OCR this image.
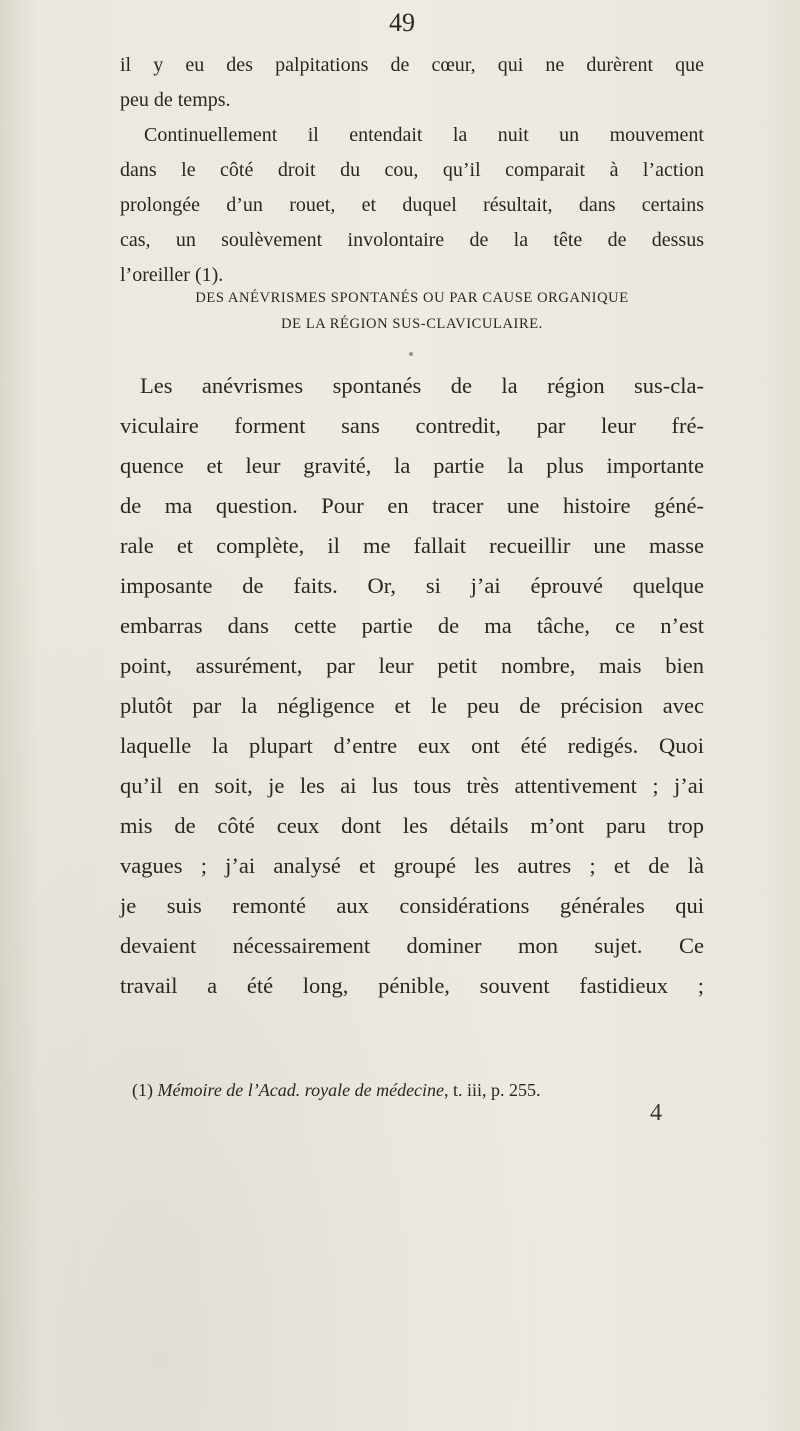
49
il y eu des palpitations de cœur, qui ne durèrent que
peu de temps.
Continuellement il entendait la nuit un mouvement
dans le côté droit du cou, qu’il comparait à l’action
prolongée d’un rouet, et duquel résultait, dans certains
cas, un soulèvement involontaire de la tête de dessus
l’oreiller (1).
DES ANÉVRISMES SPONTANÉS OU PAR CAUSE ORGANIQUE
DE LA RÉGION SUS-CLAVICULAIRE.
Les anévrismes spontanés de la région sus-cla-
viculaire forment sans contredit, par leur fré-
quence et leur gravité, la partie la plus importante
de ma question. Pour en tracer une histoire géné-
rale et complète, il me fallait recueillir une masse
imposante de faits. Or, si j’ai éprouvé quelque
embarras dans cette partie de ma tâche, ce n’est
point, assurément, par leur petit nombre, mais bien
plutôt par la négligence et le peu de précision avec
laquelle la plupart d’entre eux ont été redigés. Quoi
qu’il en soit, je les ai lus tous très attentivement ; j’ai
mis de côté ceux dont les détails m’ont paru trop
vagues ; j’ai analysé et groupé les autres ; et de là
je suis remonté aux considérations générales qui
devaient nécessairement dominer mon sujet. Ce
travail a été long, pénible, souvent fastidieux ;
(1) Mémoire de l’Acad. royale de médecine, t. iii, p. 255.
4
